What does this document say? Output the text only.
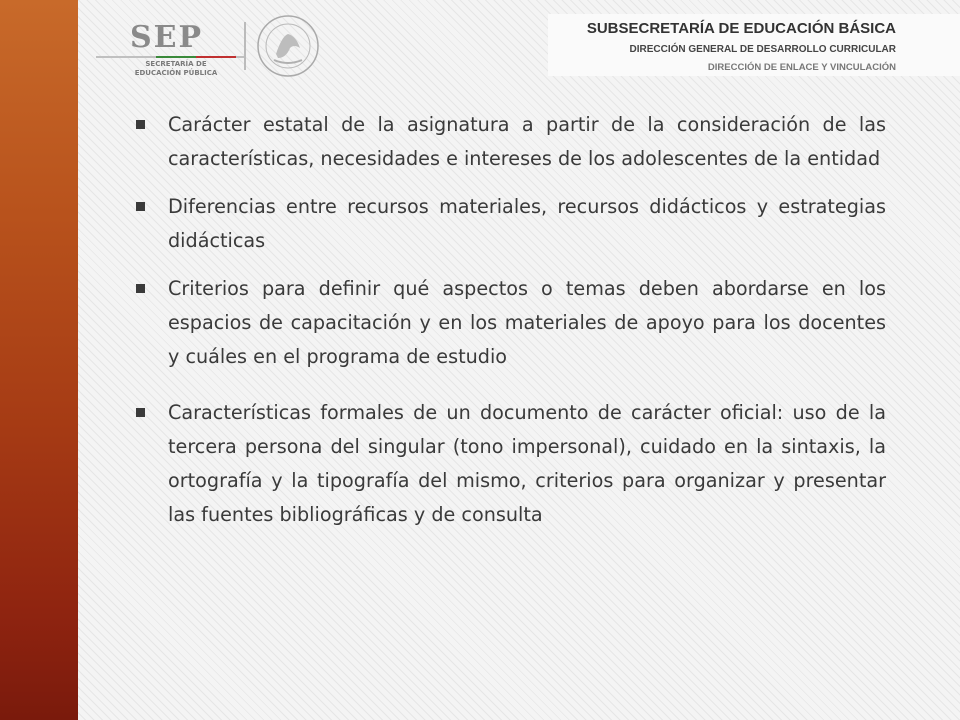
SEP
SECRETARÍA DE
EDUCACIÓN PÚBLICA
SUBSECRETARÍA DE EDUCACIÓN BÁSICA
DIRECCIÓN GENERAL DE DESARROLLO CURRICULAR
DIRECCIÓN DE ENLACE Y VINCULACIÓN
Carácter estatal de la asignatura a partir de la consideración de las características, necesidades e intereses de los adolescentes de la entidad
Diferencias entre recursos materiales, recursos didácticos y estrategias didácticas
Criterios para definir qué aspectos o temas deben abordarse en los espacios de capacitación y en los materiales de apoyo para los docentes y cuáles en el programa de estudio
Características formales de un documento de carácter oficial: uso de la tercera persona del singular (tono impersonal), cuidado en la sintaxis, la ortografía y la tipografía del mismo, criterios para organizar y presentar las fuentes bibliográficas y de consulta
